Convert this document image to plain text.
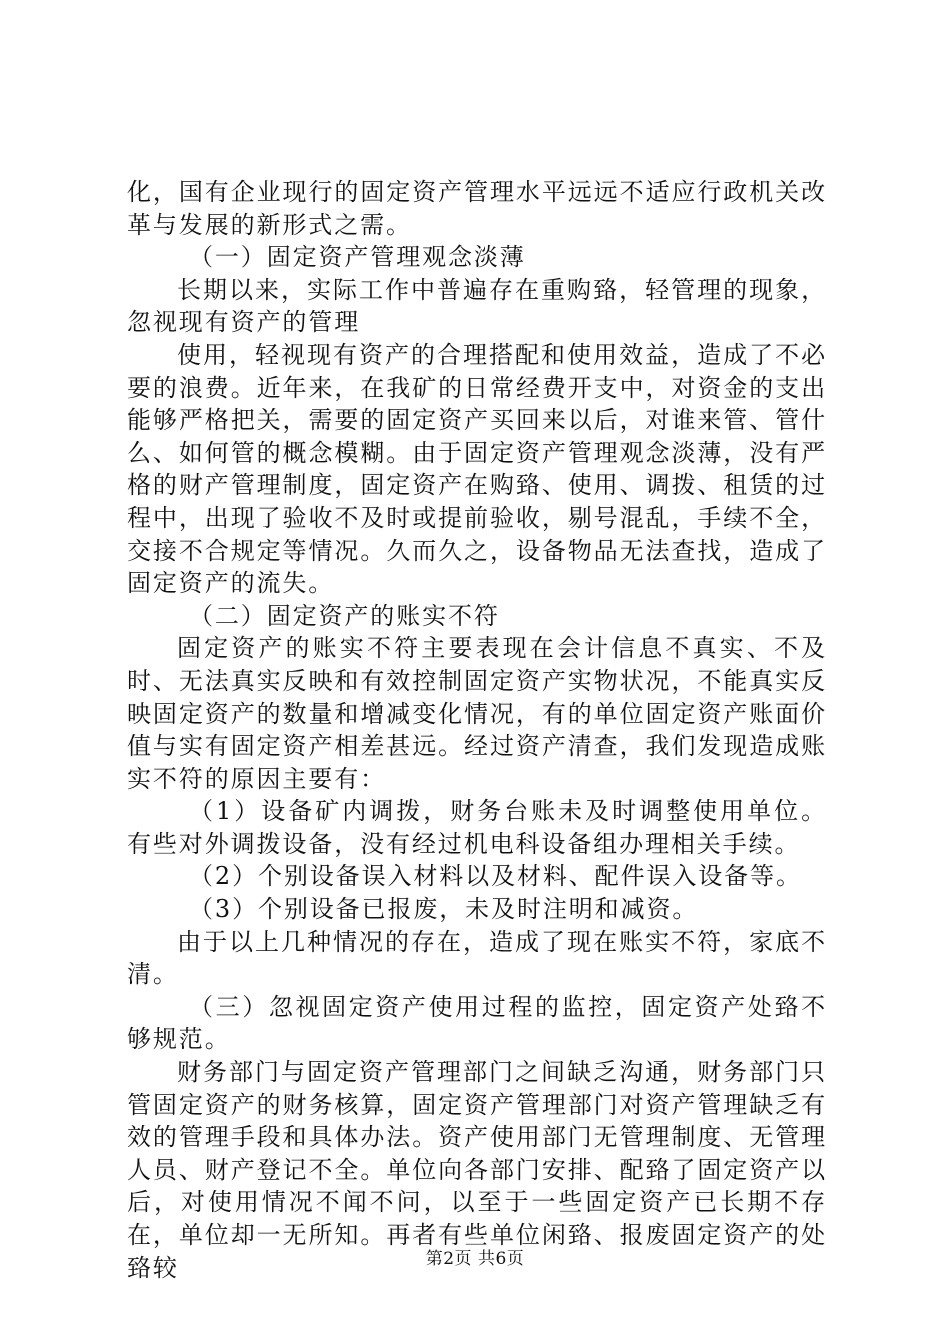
化，国有企业现行的固定资产管理水平远远不适应行政机关改革与发展的新形式之需。

（一）固定资产管理观念淡薄

长期以来，实际工作中普遍存在重购臵，轻管理的现象，忽视现有资产的管理

使用，轻视现有资产的合理搭配和使用效益，造成了不必要的浪费。近年来，在我矿的日常经费开支中，对资金的支出能够严格把关，需要的固定资产买回来以后，对谁来管、管什么、如何管的概念模糊。由于固定资产管理观念淡薄，没有严格的财产管理制度，固定资产在购臵、使用、调拨、租赁的过程中，出现了验收不及时或提前验收，剔号混乱，手续不全，交接不合规定等情况。久而久之，设备物品无法查找，造成了固定资产的流失。

（二）固定资产的账实不符

固定资产的账实不符主要表现在会计信息不真实、不及时、无法真实反映和有效控制固定资产实物状况，不能真实反映固定资产的数量和增减变化情况，有的单位固定资产账面价值与实有固定资产相差甚远。经过资产清查，我们发现造成账实不符的原因主要有：

（1）设备矿内调拨，财务台账未及时调整使用单位。有些对外调拨设备，没有经过机电科设备组办理相关手续。

（2）个别设备误入材料以及材料、配件误入设备等。

（3）个别设备已报废，未及时注明和减资。

由于以上几种情况的存在，造成了现在账实不符，家底不清。

（三）忽视固定资产使用过程的监控，固定资产处臵不够规范。

财务部门与固定资产管理部门之间缺乏沟通，财务部门只管固定资产的财务核算，固定资产管理部门对资产管理缺乏有效的管理手段和具体办法。资产使用部门无管理制度、无管理人员、财产登记不全。单位向各部门安排、配臵了固定资产以后，对使用情况不闻不问，以至于一些固定资产已长期不存在，单位却一无所知。再者有些单位闲臵、报废固定资产的处臵较	第2页 共6页
